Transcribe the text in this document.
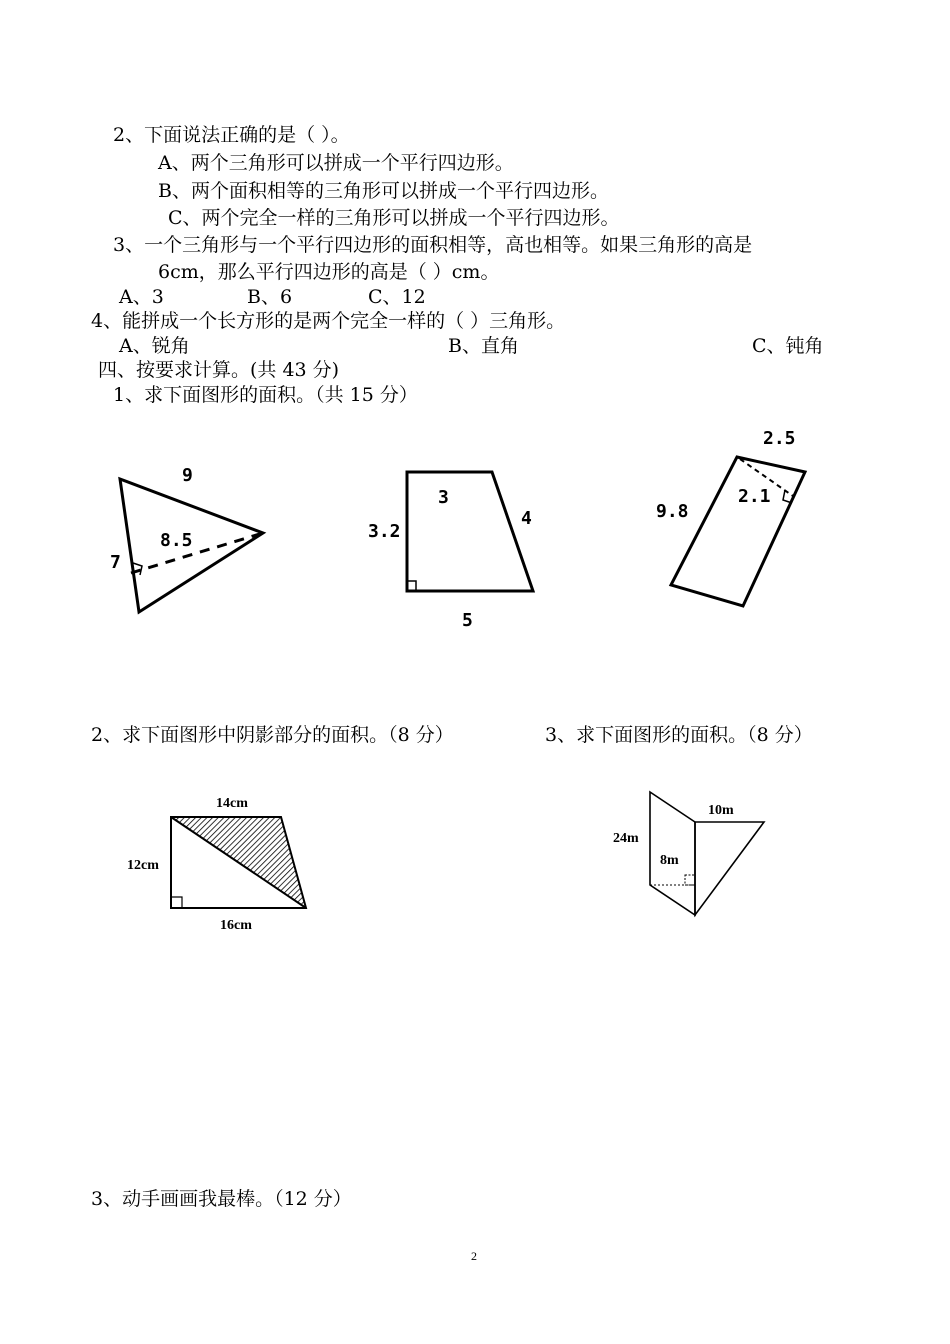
2、下面说法正确的是（ ）。
A、两个三角形可以拼成一个平行四边形。
B、两个面积相等的三角形可以拼成一个平行四边形。
C、两个完全一样的三角形可以拼成一个平行四边形。
3、一个三角形与一个平行四边形的面积相等，高也相等。如果三角形的高是
6cm，那么平行四边形的高是（ ）cm。
A、3	B、6	C、12
4、能拼成一个长方形的是两个完全一样的（ ）三角形。
A、锐角	B、直角	C、钝角
四、按要求计算。(共 43 分)
1、求下面图形的面积。（共 15 分）
9
7
8.5
3
3.2
4
5
2.5
9.8
2.1
2、求下面图形中阴影部分的面积。（8 分）	3、求下面图形的面积。（8 分）
14cm
12cm
16cm
10m
24m
8m
3、动手画画我最棒。（12 分）
2
